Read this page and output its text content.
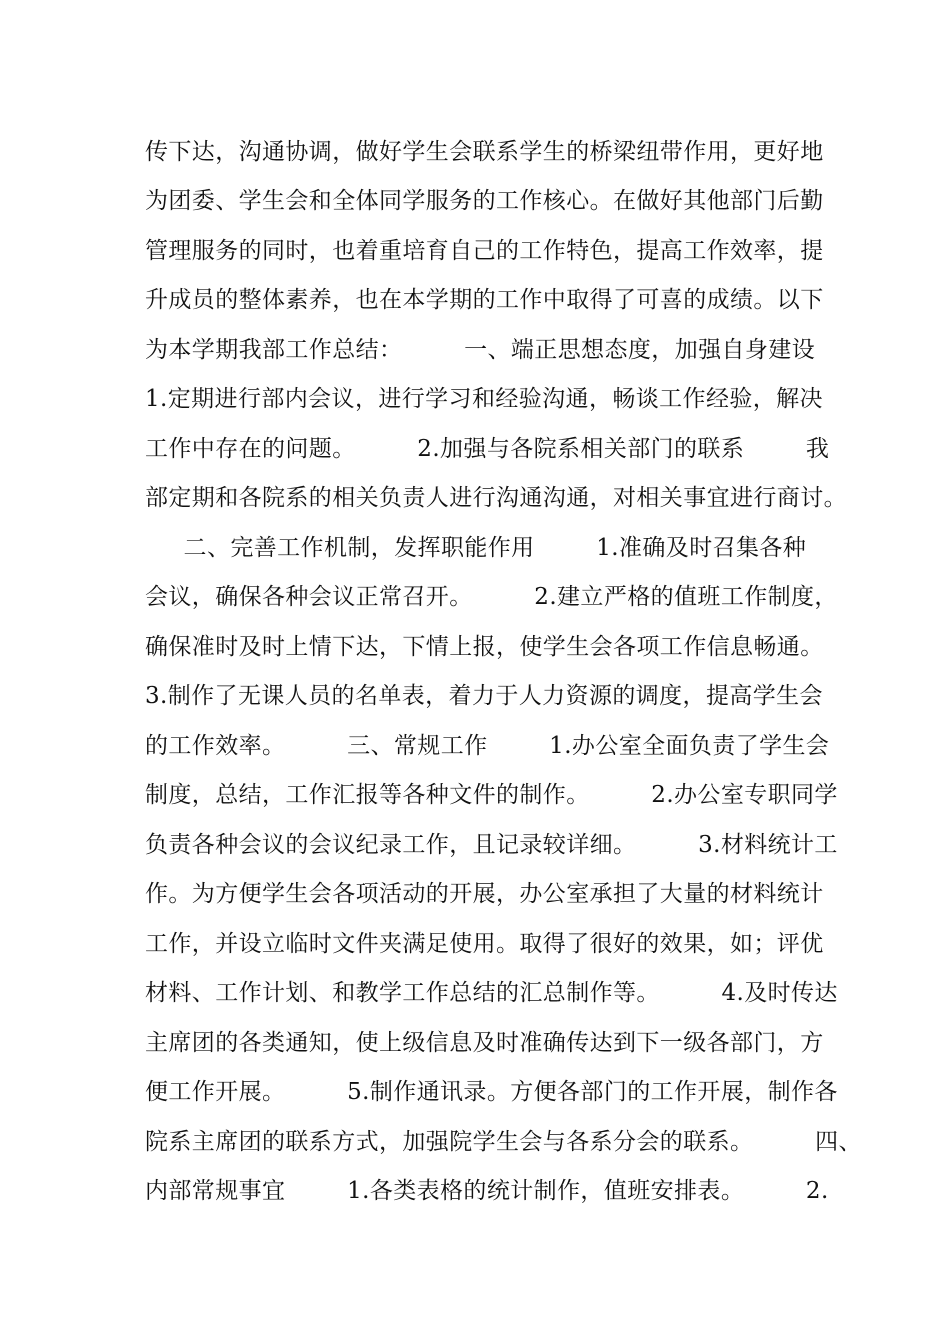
传下达，沟通协调，做好学生会联系学生的桥梁纽带作用，更好地
为团委、学生会和全体同学服务的工作核心。在做好其他部门后勤
管理服务的同时，也着重培育自己的工作特色，提高工作效率，提
升成员的整体素养，也在本学期的工作中取得了可喜的成绩。以下
为本学期我部工作总结：        一、端正思想态度，加强自身建设
1.定期进行部内会议，进行学习和经验沟通，畅谈工作经验，解决
工作中存在的问题。        2.加强与各院系相关部门的联系        我
部定期和各院系的相关负责人进行沟通沟通，对相关事宜进行商讨。
二、完善工作机制，发挥职能作用        1.准确及时召集各种
会议，确保各种会议正常召开。        2.建立严格的值班工作制度，
确保准时及时上情下达，下情上报，使学生会各项工作信息畅通。
3.制作了无课人员的名单表，着力于人力资源的调度，提高学生会
的工作效率。        三、常规工作        1.办公室全面负责了学生会
制度，总结，工作汇报等各种文件的制作。        2.办公室专职同学
负责各种会议的会议纪录工作，且记录较详细。        3.材料统计工
作。为方便学生会各项活动的开展，办公室承担了大量的材料统计
工作，并设立临时文件夹满足使用。取得了很好的效果，如；评优
材料、工作计划、和教学工作总结的汇总制作等。        4.及时传达
主席团的各类通知，使上级信息及时准确传达到下一级各部门，方
便工作开展。        5.制作通讯录。方便各部门的工作开展，制作各
院系主席团的联系方式，加强院学生会与各系分会的联系。        四、
内部常规事宜        1.各类表格的统计制作，值班安排表。        2.
